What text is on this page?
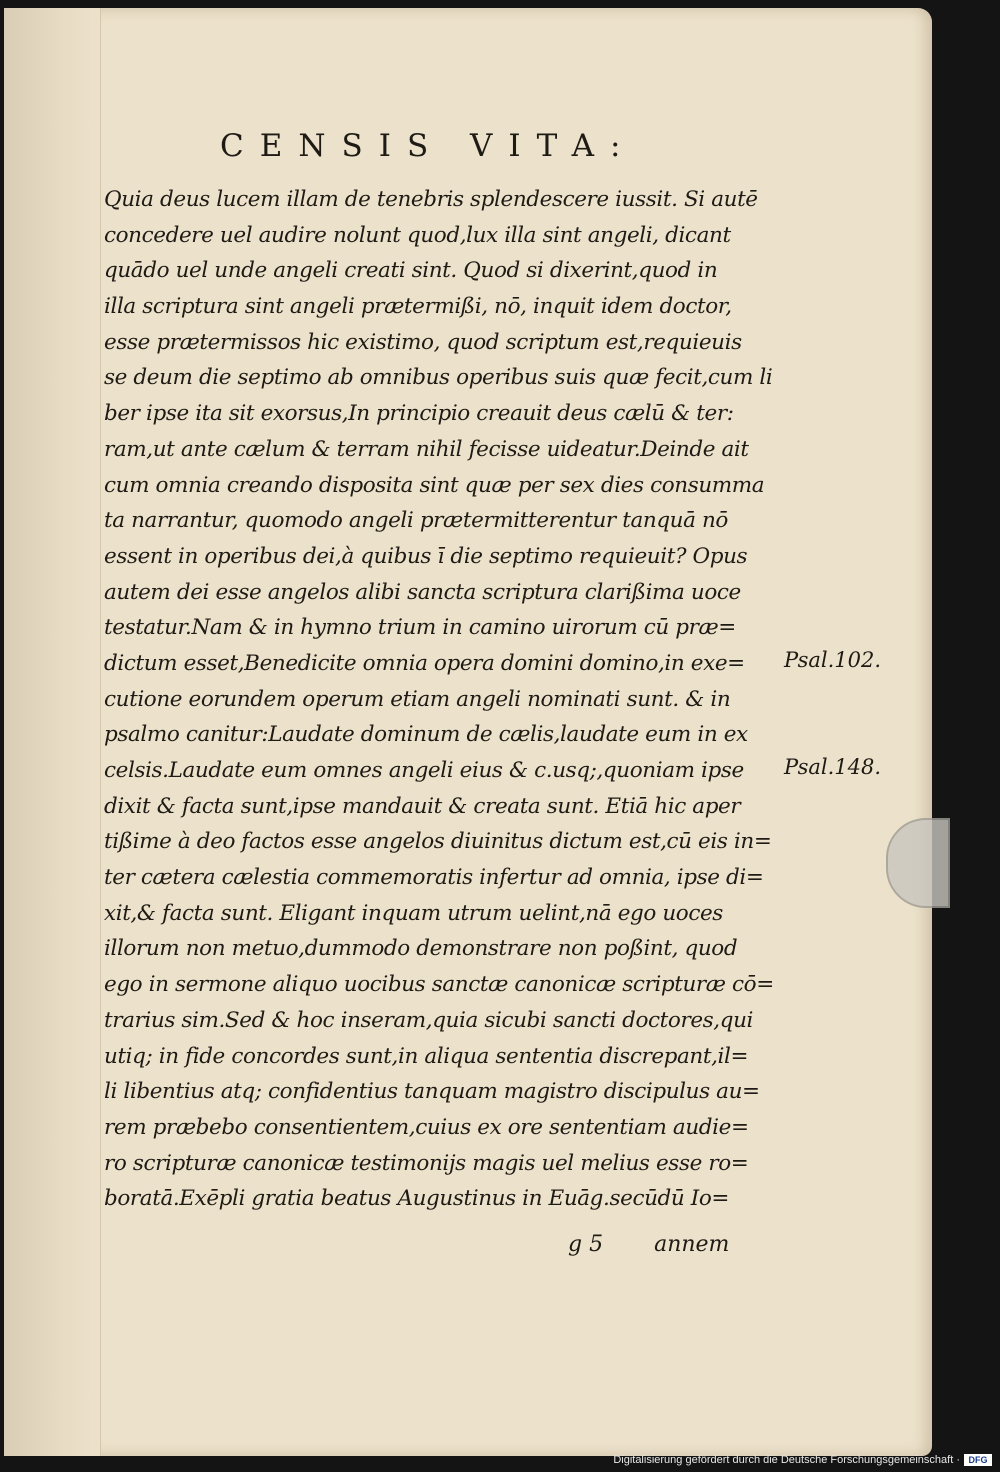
CENSIS VITA:
Quia deus lucem illam de tenebris splendescere iussit. Si autē
concedere uel audire nolunt quod,lux illa sint angeli, dicant
quādo uel unde angeli creati sint. Quod si dixerint,quod in
illa scriptura sint angeli prætermißi, nō, inquit idem doctor,
esse prætermissos hic existimo, quod scriptum est,requieuis
se deum die septimo ab omnibus operibus suis quæ fecit,cum li
ber ipse ita sit exorsus,In principio creauit deus cælū & ter:
ram,ut ante cælum & terram nihil fecisse uideatur.Deinde ait
cum omnia creando disposita sint quæ per sex dies consumma
ta narrantur, quomodo angeli prætermitterentur tanquā nō
essent in operibus dei,à quibus ī die septimo requieuit? Opus
autem dei esse angelos alibi sancta scriptura clarißima uoce
testatur.Nam & in hymno trium in camino uirorum cū præ=
dictum esset,Benedicite omnia opera domini domino,in exe=
cutione eorundem operum etiam angeli nominati sunt. & in
psalmo canitur:Laudate dominum de cælis,laudate eum in ex
celsis.Laudate eum omnes angeli eius & c.usq;,quoniam ipse
dixit & facta sunt,ipse mandauit & creata sunt. Etiā hic aper
tißime à deo factos esse angelos diuinitus dictum est,cū eis in=
ter cætera cælestia commemoratis infertur ad omnia, ipse di=
xit,& facta sunt. Eligant inquam utrum uelint,nā ego uoces
illorum non metuo,dummodo demonstrare non poßint, quod
ego in sermone aliquo uocibus sanctæ canonicæ scripturæ cō=
trarius sim.Sed & hoc inseram,quia sicubi sancti doctores,qui
utiq; in fide concordes sunt,in aliqua sententia discrepant,il=
li libentius atq; confidentius tanquam magistro discipulus au=
rem præbebo consentientem,cuius ex ore sententiam audie=
ro scripturæ canonicæ testimonijs magis uel melius esse ro=
boratā.Exēpli gratia beatus Augustinus in Euāg.secūdū Io=
Psal.102.
Psal.148.
g 5 annem
Digitalisierung gefördert durch die Deutsche Forschungsgemeinschaft · DFG
